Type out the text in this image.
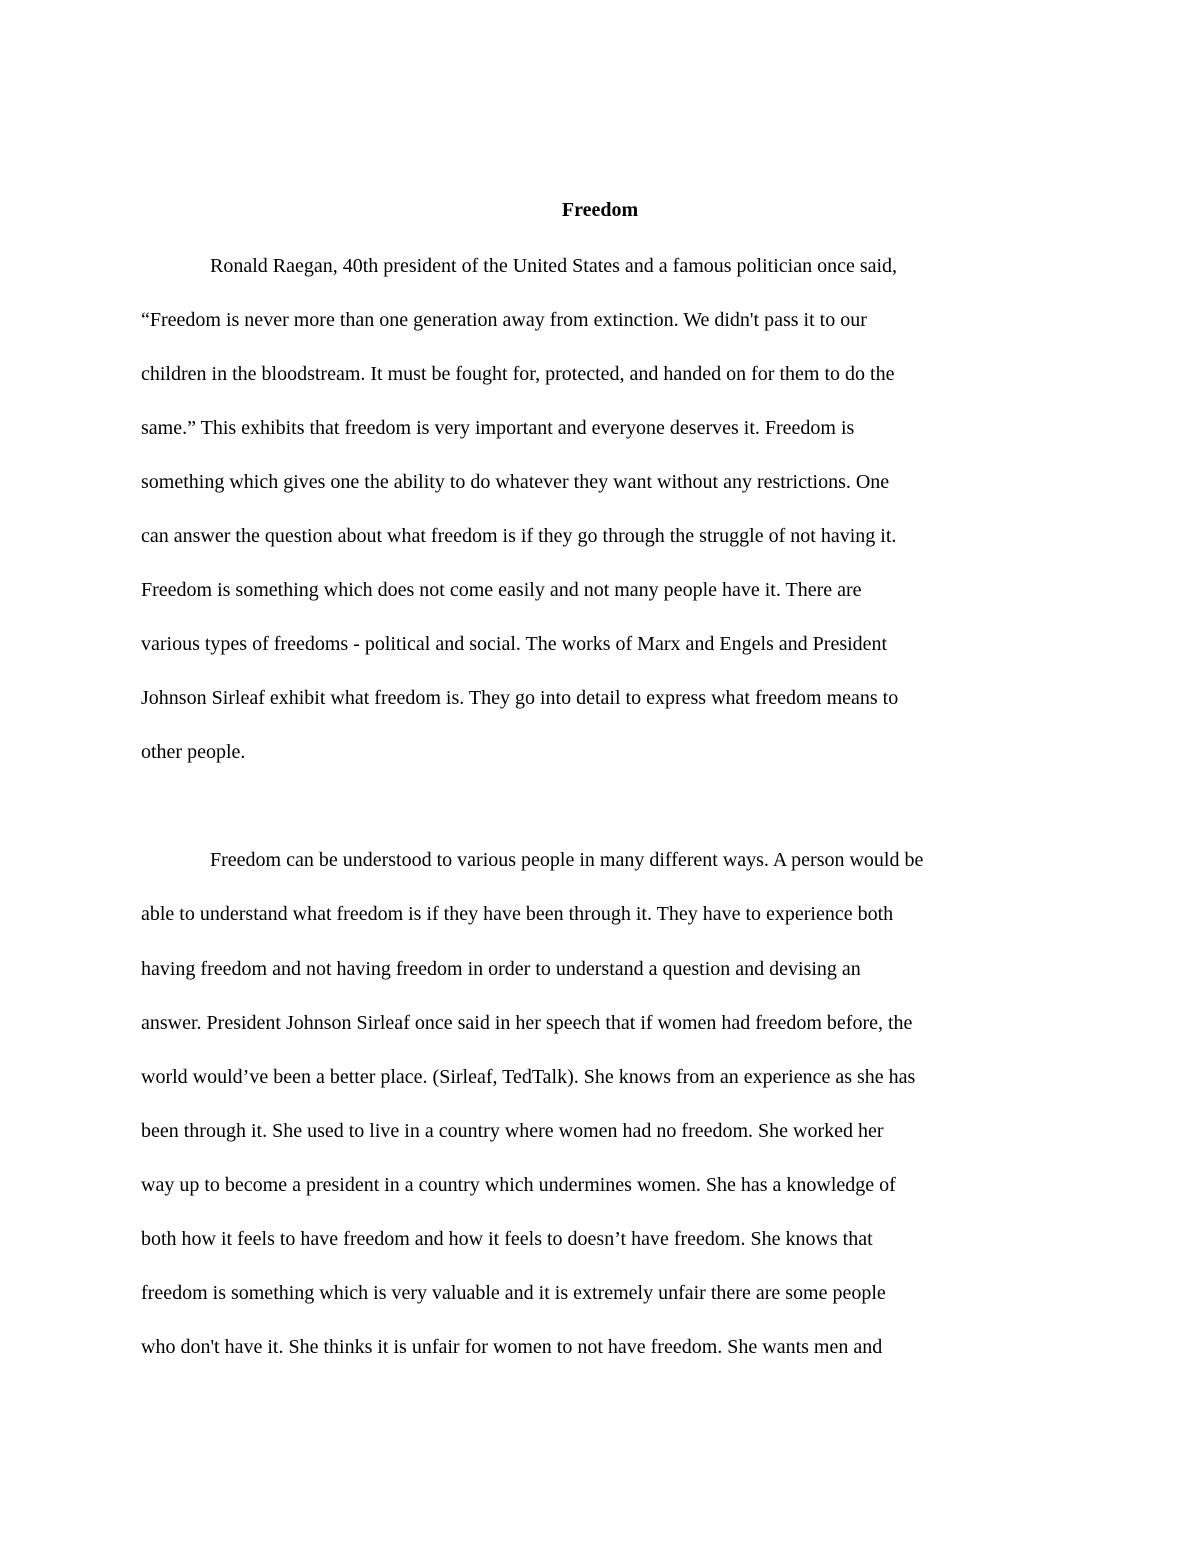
Freedom

Ronald Raegan, 40th president of the United States and a famous politician once said,

“Freedom is never more than one generation away from extinction. We didn't pass it to our

children in the bloodstream. It must be fought for, protected, and handed on for them to do the

same.” This exhibits that freedom is very important and everyone deserves it. Freedom is

something which gives one the ability to do whatever they want without any restrictions. One

can answer the question about what freedom is if they go through the struggle of not having it.

Freedom is something which does not come easily and not many people have it. There are

various types of freedoms - political and social. The works of Marx and Engels and President

Johnson Sirleaf exhibit what freedom is. They go into detail to express what freedom means to

other people.

Freedom can be understood to various people in many different ways. A person would be

able to understand what freedom is if they have been through it. They have to experience both

having freedom and not having freedom in order to understand a question and devising an

answer. President Johnson Sirleaf once said in her speech that if women had freedom before, the

world would’ve been a better place. (Sirleaf, TedTalk). She knows from an experience as she has

been through it. She used to live in a country where women had no freedom. She worked her

way up to become a president in a country which undermines women. She has a knowledge of

both how it feels to have freedom and how it feels to doesn’t have freedom. She knows that

freedom is something which is very valuable and it is extremely unfair there are some people

who don't have it. She thinks it is unfair for women to not have freedom. She wants men and
